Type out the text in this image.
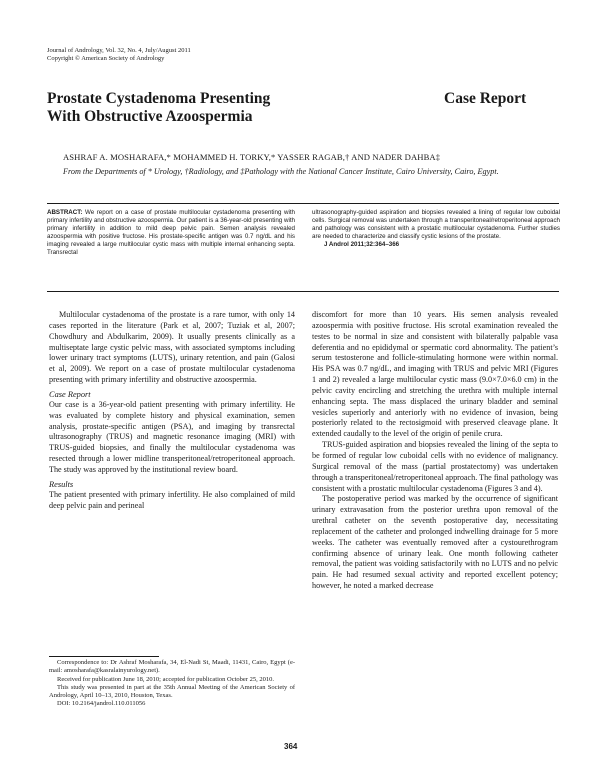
Journal of Andrology, Vol. 32, No. 4, July/August 2011
Copyright © American Society of Andrology
Prostate Cystadenoma Presenting
With Obstructive Azoospermia
Case Report
ASHRAF A. MOSHARAFA,* MOHAMMED H. TORKY,* YASSER RAGAB,† AND NADER DAHBA‡
From the Departments of * Urology, †Radiology, and ‡Pathology with the National Cancer Institute, Cairo University, Cairo, Egypt.
ABSTRACT: We report on a case of prostate multilocular cystadenoma presenting with primary infertility and obstructive azoospermia. Our patient is a 36-year-old presenting with primary infertility in addition to mild deep pelvic pain. Semen analysis revealed azoospermia with positive fructose. His prostate-specific antigen was 0.7 ng/dL and his imaging revealed a large multilocular cystic mass with multiple internal enhancing septa. Transrectal
ultrasonography-guided aspiration and biopsies revealed a lining of regular low cuboidal cells. Surgical removal was undertaken through a transperitoneal/retroperitoneal approach and pathology was consistent with a prostatic multilocular cystadenoma. Further studies are needed to characterize and classify cystic lesions of the prostate.
J Androl 2011;32:364–366

Multilocular cystadenoma of the prostate is a rare tumor, with only 14 cases reported in the literature (Park et al, 2007; Tuziak et al, 2007; Chowdhury and Abdulkarim, 2009). It usually presents clinically as a multiseptate large cystic pelvic mass, with associated symptoms including lower urinary tract symptoms (LUTS), urinary retention, and pain (Galosi et al, 2009). We report on a case of prostate multilocular cystadenoma presenting with primary infertility and obstructive azoospermia.

Case Report

Our case is a 36-year-old patient presenting with primary infertility. He was evaluated by complete history and physical examination, semen analysis, prostate-specific antigen (PSA), and imaging by transrectal ultrasonography (TRUS) and magnetic resonance imaging (MRI) with TRUS-guided biopsies, and finally the multilocular cystadenoma was resected through a lower midline transperitoneal/retroperitoneal approach. The study was approved by the institutional review board.

Results

The patient presented with primary infertility. He also complained of mild deep pelvic pain and perineal

discomfort for more than 10 years. His semen analysis revealed azoospermia with positive fructose. His scrotal examination revealed the testes to be normal in size and consistent with bilaterally palpable vasa deferentia and no epididymal or spermatic cord abnormality. The patient’s serum testosterone and follicle-stimulating hormone were within normal. His PSA was 0.7 ng/dL, and imaging with TRUS and pelvic MRI (Figures 1 and 2) revealed a large multilocular cystic mass (9.0×7.0×6.0 cm) in the pelvic cavity encircling and stretching the urethra with multiple internal enhancing septa. The mass displaced the urinary bladder and seminal vesicles superiorly and anteriorly with no evidence of invasion, being posteriorly related to the rectosigmoid with preserved cleavage plane. It extended caudally to the level of the origin of penile crura.

TRUS-guided aspiration and biopsies revealed the lining of the septa to be formed of regular low cuboidal cells with no evidence of malignancy. Surgical removal of the mass (partial prostatectomy) was undertaken through a transperitoneal/retroperitoneal approach. The final pathology was consistent with a prostatic multilocular cystadenoma (Figures 3 and 4).

The postoperative period was marked by the occurrence of significant urinary extravasation from the posterior urethra upon removal of the urethral catheter on the seventh postoperative day, necessitating replacement of the catheter and prolonged indwelling drainage for 5 more weeks. The catheter was eventually removed after a cystourethrogram confirming absence of urinary leak. One month following catheter removal, the patient was voiding satisfactorily with no LUTS and no pelvic pain. He had resumed sexual activity and reported excellent potency; however, he noted a marked decrease

Correspondence to: Dr Ashraf Mosharafa, 34, El-Nadi St, Maadi, 11431, Cairo, Egypt (e-mail: amosharafa@kasralainyurology.net).

Received for publication June 18, 2010; accepted for publication October 25, 2010.

This study was presented in part at the 35th Annual Meeting of the American Society of Andrology, April 10–13, 2010, Houston, Texas.

DOI: 10.2164/jandrol.110.011056

364
